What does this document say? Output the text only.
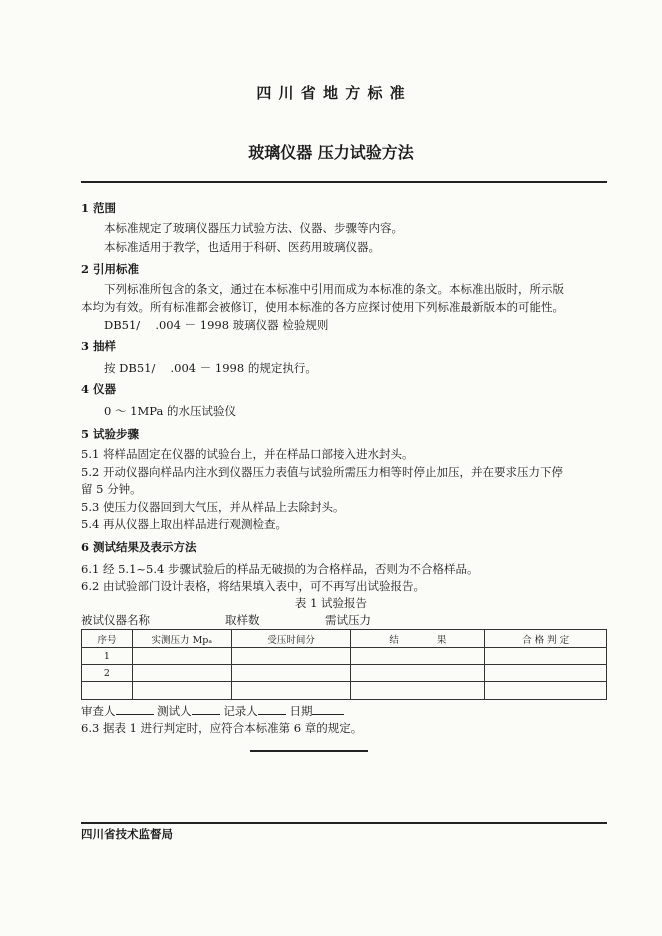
四 川 省 地 方 标 准
玻璃仪器 压力试验方法
1 范围
本标准规定了玻璃仪器压力试验方法、仪器、步骤等内容。
本标准适用于教学，也适用于科研、医药用玻璃仪器。
2 引用标准
下列标准所包含的条文，通过在本标准中引用而成为本标准的条文。本标准出版时，所示版
本均为有效。所有标准都会被修订，使用本标准的各方应探讨使用下列标准最新版本的可能性。
DB51/　 .004 － 1998 玻璃仪器 检验规则
3 抽样
按 DB51/　 .004 － 1998 的规定执行。
4 仪器
0 ～ 1MPa 的水压试验仪
5 试验步骤
5.1 将样品固定在仪器的试验台上，并在样品口部接入进水封头。
5.2 开动仪器向样品内注水到仪器压力表值与试验所需压力相等时停止加压，并在要求压力下停
留 5 分钟。
5.3 使压力仪器回到大气压，并从样品上去除封头。
5.4 再从仪器上取出样品进行观测检查。
6 测试结果及表示方法
6.1 经 5.1~5.4 步骤试验后的样品无破损的为合格样品，否则为不合格样品。
6.2 由试验部门设计表格，将结果填入表中，可不再写出试验报告。
表 1 试验报告
被试仪器名称	取样数	需试压力
序号	实测压力 Mpₐ	受压时间分	结　　　　果	合 格 判 定
1				
2				

审查人	测试人	记录人	日期
6.3 据表 1 进行判定时，应符合本标准第 6 章的规定。
四川省技术监督局
